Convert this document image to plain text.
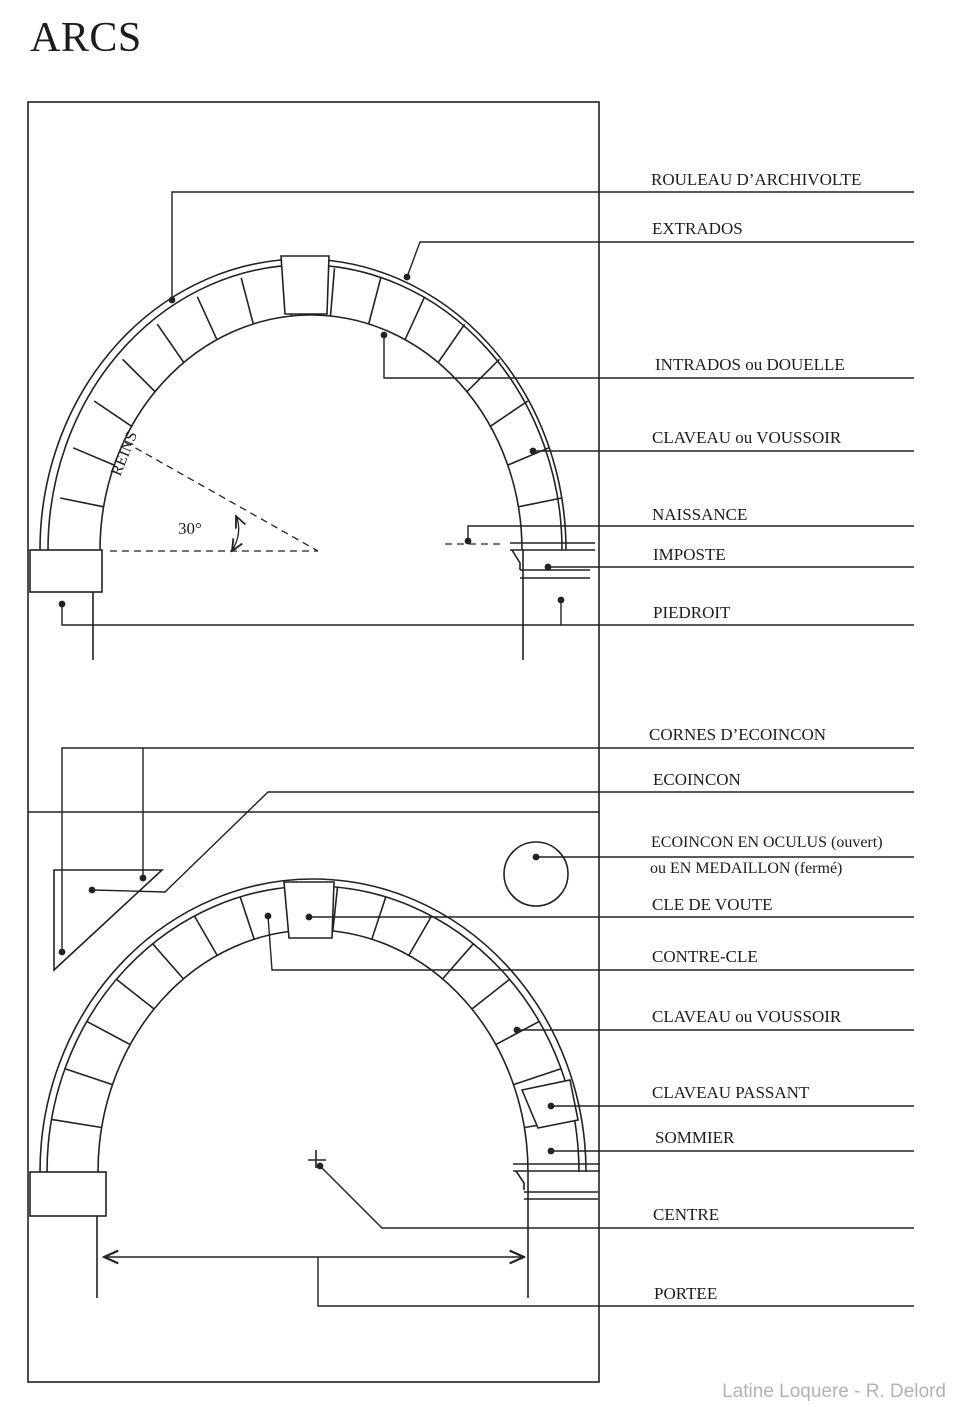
ARCS
REINS
30°
ROULEAU D’ARCHIVOLTE
EXTRADOS
INTRADOS ou DOUELLE
CLAVEAU ou VOUSSOIR
NAISSANCE
IMPOSTE
PIEDROIT
CORNES D’ECOINCON
ECOINCON
ECOINCON EN OCULUS (ouvert)
ou EN MEDAILLON (fermé)
CLE DE VOUTE
CONTRE-CLE
CLAVEAU ou VOUSSOIR
CLAVEAU PASSANT
SOMMIER
CENTRE
PORTEE
Latine Loquere - R. Delord
